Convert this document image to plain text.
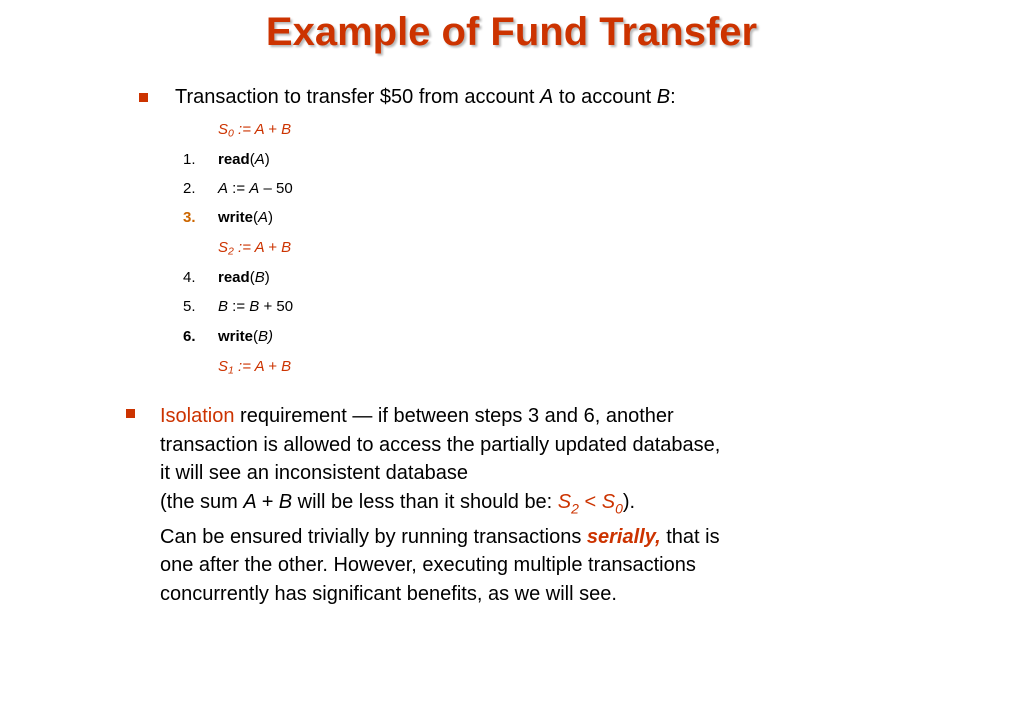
Example of Fund Transfer
Transaction to transfer $50 from account A to account B:
$S_0$ := A + B
1. read(A)
2. A := A – 50
3. write(A)
$S_2$ := A + B
4. read(B)
5. B := B + 50
6. write(B)
$S_1$ := A + B
Isolation requirement — if between steps 3 and 6, another
transaction is allowed to access the partially updated database,
it will see an inconsistent database
(the sum A + B will be less than it should be: $S_2 < S_0$).
Can be ensured trivially by running transactions serially, that is
one after the other. However, executing multiple transactions
concurrently has significant benefits, as we will see.
